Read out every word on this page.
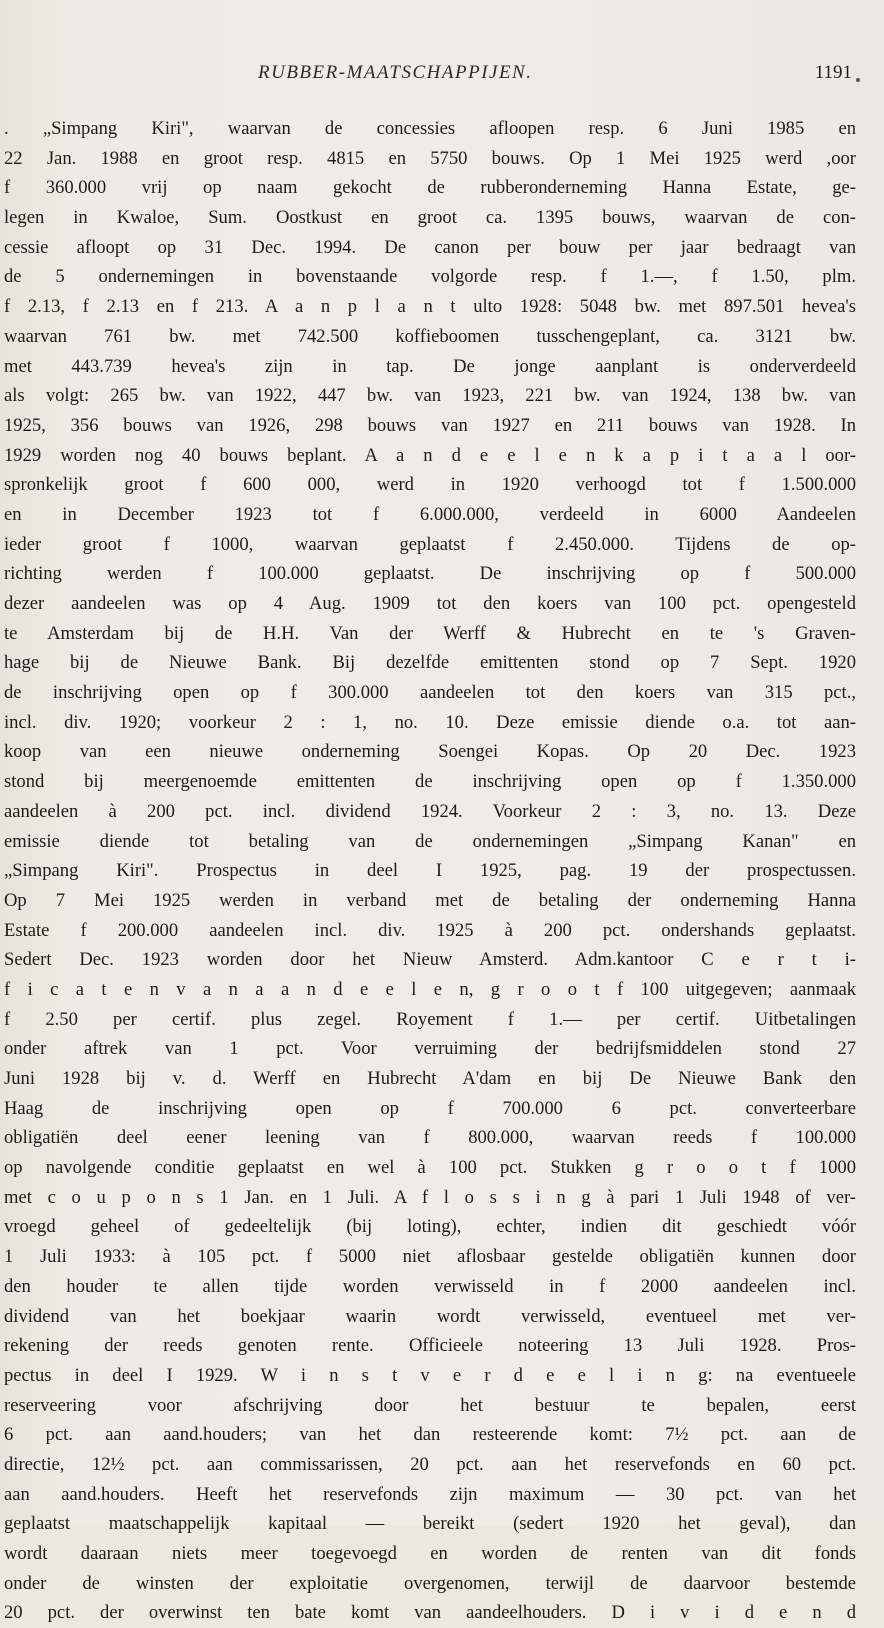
RUBBER-MAATSCHAPPIJEN.	1191
. „Simpang Kiri", waarvan de concessies afloopen resp. 6 Juni 1985 en
22 Jan. 1988 en groot resp. 4815 en 5750 bouws. Op 1 Mei 1925 werd ,oor
f 360.000 vrij op naam gekocht de rubberonderneming Hanna Estate, ge-
legen in Kwaloe, Sum. Oostkust en groot ca. 1395 bouws, waarvan de con-
cessie afloopt op 31 Dec. 1994. De canon per bouw per jaar bedraagt van
de 5 ondernemingen in bovenstaande volgorde resp. f 1.—, f 1.50, plm.
f 2.13, f 2.13 en f 213. A a n p l a n t ulto 1928: 5048 bw. met 897.501 hevea's
waarvan 761 bw. met 742.500 koffieboomen tusschengeplant, ca. 3121 bw.
met 443.739 hevea's zijn in tap. De jonge aanplant is onderverdeeld
als volgt: 265 bw. van 1922, 447 bw. van 1923, 221 bw. van 1924, 138 bw. van
1925, 356 bouws van 1926, 298 bouws van 1927 en 211 bouws van 1928. In
1929 worden nog 40 bouws beplant. A a n d e e l e n k a p i t a a l oor-
spronkelijk groot f 600 000, werd in 1920 verhoogd tot f 1.500.000
en in December 1923 tot f 6.000.000, verdeeld in 6000 Aandeelen
ieder groot f 1000, waarvan geplaatst f 2.450.000. Tijdens de op-
richting werden f 100.000 geplaatst. De inschrijving op f 500.000
dezer aandeelen was op 4 Aug. 1909 tot den koers van 100 pct. opengesteld
te Amsterdam bij de H.H. Van der Werff & Hubrecht en te 's Graven-
hage bij de Nieuwe Bank. Bij dezelfde emittenten stond op 7 Sept. 1920
de inschrijving open op f 300.000 aandeelen tot den koers van 315 pct.,
incl. div. 1920; voorkeur 2 : 1, no. 10. Deze emissie diende o.a. tot aan-
koop van een nieuwe onderneming Soengei Kopas. Op 20 Dec. 1923
stond bij meergenoemde emittenten de inschrijving open op f 1.350.000
aandeelen à 200 pct. incl. dividend 1924. Voorkeur 2 : 3, no. 13. Deze
emissie diende tot betaling van de ondernemingen „Simpang Kanan" en
„Simpang Kiri". Prospectus in deel I 1925, pag. 19 der prospectussen.
Op 7 Mei 1925 werden in verband met de betaling der onderneming Hanna
Estate f 200.000 aandeelen incl. div. 1925 à 200 pct. ondershands geplaatst.
Sedert Dec. 1923 worden door het Nieuw Amsterd. Adm.kantoor C e r t i-
f i c a t e n v a n a a n d e e l e n, g r o o t f 100 uitgegeven; aanmaak
f 2.50 per certif. plus zegel. Royement f 1.— per certif. Uitbetalingen
onder aftrek van 1 pct. Voor verruiming der bedrijfsmiddelen stond 27
Juni 1928 bij v. d. Werff en Hubrecht A'dam en bij De Nieuwe Bank den
Haag de inschrijving open op f 700.000 6 pct. converteerbare
obligatiën deel eener leening van f 800.000, waarvan reeds f 100.000
op navolgende conditie geplaatst en wel à 100 pct. Stukken g r o o t f 1000
met c o u p o n s 1 Jan. en 1 Juli. A f l o s s i n g à pari 1 Juli 1948 of ver-
vroegd geheel of gedeeltelijk (bij loting), echter, indien dit geschiedt vóór
1 Juli 1933: à 105 pct. f 5000 niet aflosbaar gestelde obligatiën kunnen door
den houder te allen tijde worden verwisseld in f 2000 aandeelen incl.
dividend van het boekjaar waarin wordt verwisseld, eventueel met ver-
rekening der reeds genoten rente. Officieele noteering 13 Juli 1928. Pros-
pectus in deel I 1929. W i n s t v e r d e e l i n g: na eventueele
reserveering voor afschrijving door het bestuur te bepalen, eerst
6 pct. aan aand.houders; van het dan resteerende komt: 7½ pct. aan de
directie, 12½ pct. aan commissarissen, 20 pct. aan het reservefonds en 60 pct.
aan aand.houders. Heeft het reservefonds zijn maximum — 30 pct. van het
geplaatst maatschappelijk kapitaal — bereikt (sedert 1920 het geval), dan
wordt daaraan niets meer toegevoegd en worden de renten van dit fonds
onder de winsten der exploitatie overgenomen, terwijl de daarvoor bestemde
20 pct. der overwinst ten bate komt van aandeelhouders. D i v i d e n d
